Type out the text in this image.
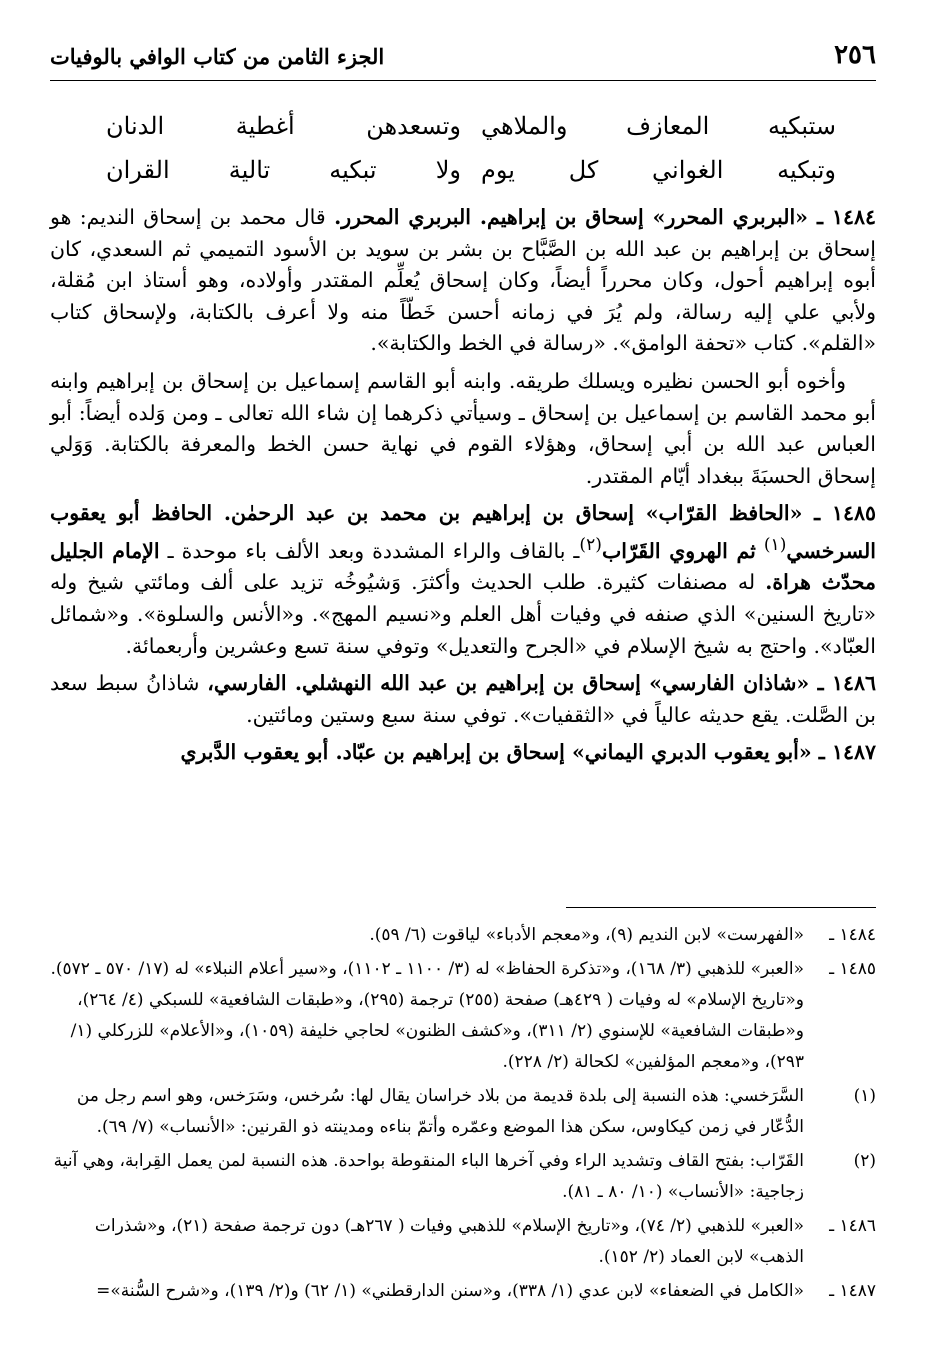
٢٥٦
الجزء الثامن من كتاب الوافي بالوفيات
ستبكيه المعازف والملاهي
وتسعدهن أغطية الدنان
وتبكيه الغواني كل يوم
ولا تبكيه تالية القران

١٤٨٤ ـ «البربري المحرر» إسحاق بن إبراهيم. البربري المحرر. قال محمد بن إسحاق النديم: هو إسحاق بن إبراهيم بن عبد الله بن الصَّبَّاح بن بشر بن سويد بن الأسود التميمي ثم السعدي، كان أبوه إبراهيم أحول، وكان محرراً أيضاً، وكان إسحاق يُعلِّم المقتدر وأولاده، وهو أستاذ ابن مُقلة، ولأبي علي إليه رسالة، ولم يُرَ في زمانه أحسن خَطّاً منه ولا أعرف بالكتابة، ولإسحاق كتاب «القلم». كتاب «تحفة الوامق». «رسالة في الخط والكتابة».

وأخوه أبو الحسن نظيره ويسلك طريقه. وابنه أبو القاسم إسماعيل بن إسحاق بن إبراهيم وابنه أبو محمد القاسم بن إسماعيل بن إسحاق ـ وسيأتي ذكرهما إن شاء الله تعالى ـ ومن وَلده أيضاً: أبو العباس عبد الله بن أبي إسحاق، وهؤلاء القوم في نهاية حسن الخط والمعرفة بالكتابة. وَوَلي إسحاق الحسبَةَ ببغداد أيّام المقتدر.

١٤٨٥ ـ «الحافظ القرّاب» إسحاق بن إبراهيم بن محمد بن عبد الرحمٰن. الحافظ أبو يعقوب السرخسي$^{(١)}$ ثم الهروي القَرّاب$^{(٢)}$ـ بالقاف والراء المشددة وبعد الألف باء موحدة ـ الإمام الجليل محدّث هراة. له مصنفات كثيرة. طلب الحديث وأكثرَ. وَشيُوخُه تزيد على ألف ومائتي شيخ وله «تاريخ السنين» الذي صنفه في وفيات أهل العلم و«نسيم المهج». و«الأنس والسلوة». و«شمائل العبّاد». واحتج به شيخ الإسلام في «الجرح والتعديل» وتوفي سنة تسع وعشرين وأربعمائة.

١٤٨٦ ـ «شاذان الفارسي» إسحاق بن إبراهيم بن عبد الله النهشلي. الفارسي، شاذانُ سبط سعد بن الصَّلت. يقع حديثه عالياً في «الثقفيات». توفي سنة سبع وستين ومائتين.

١٤٨٧ ـ «أبو يعقوب الدبري اليماني» إسحاق بن إبراهيم بن عبّاد. أبو يعقوب الدَّبري

١٤٨٤ ـ
«الفهرست» لابن النديم (٩)، و«معجم الأدباء» لياقوت (٦/ ٥٩).
١٤٨٥ ـ
«العبر» للذهبي (٣/ ١٦٨)، و«تذكرة الحفاظ» له (٣/ ١١٠٠ ـ ١١٠٢)، و«سير أعلام النبلاء» له (١٧/ ٥٧٠ ـ ٥٧٢). و«تاريخ الإسلام» له وفيات ( ٤٢٩هـ) صفحة (٢٥٥) ترجمة (٢٩٥)، و«طبقات الشافعية» للسبكي (٤/ ٢٦٤)، و«طبقات الشافعية» للإسنوي (٢/ ٣١١)، و«كشف الظنون» لحاجي خليفة (١٠٥٩)، و«الأعلام» للزركلي (١/ ٢٩٣)، و«معجم المؤلفين» لكحالة (٢/ ٢٢٨).
(١)
السَّرَخسي: هذه النسبة إلى بلدة قديمة من بلاد خراسان يقال لها: سُرخس، وسَرَخس، وهو اسم رجل من الدُّعّار في زمن كيكاوس، سكن هذا الموضع وعمّره وأتمّ بناءه ومدينته ذو القرنين: «الأنساب» (٧/ ٦٩).
(٢)
القَرّاب: بفتح القاف وتشديد الراء وفي آخرها الباء المنقوطة بواحدة. هذه النسبة لمن يعمل القِرابة، وهي آنية زجاجية: «الأنساب» (١٠/ ٨٠ ـ ٨١).
١٤٨٦ ـ
«العبر» للذهبي (٢/ ٧٤)، و«تاريخ الإسلام» للذهبي وفيات ( ٢٦٧هـ) دون ترجمة صفحة (٢١)، و«شذرات الذهب» لابن العماد (٢/ ١٥٢).
١٤٨٧ ـ
«الكامل في الضعفاء» لابن عدي (١/ ٣٣٨)، و«سنن الدارقطني» (١/ ٦٢) و(٢/ ١٣٩)، و«شرح السُّنة»=
